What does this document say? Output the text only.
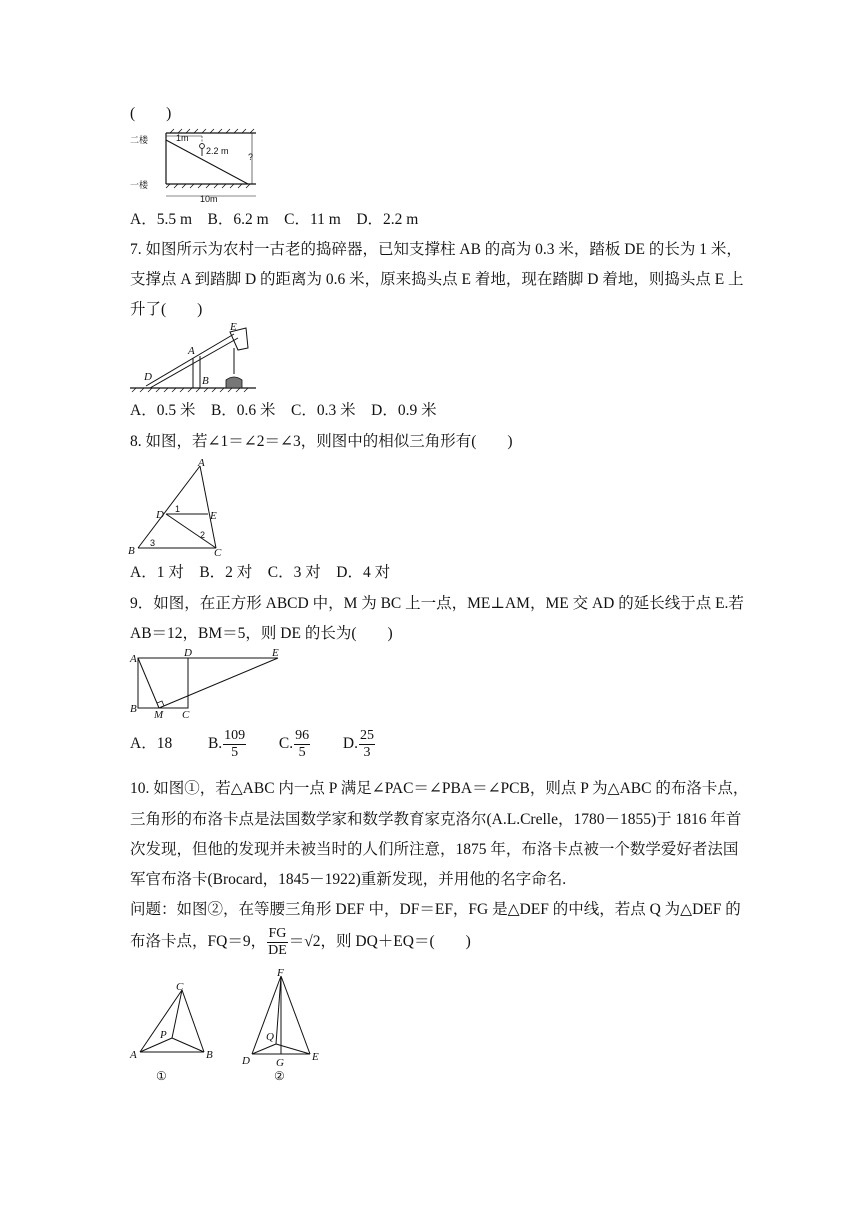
(　　)
二楼
一楼
1m
2.2 m
?
10m
A．5.5 m　B．6.2 m　C．11 m　D．2.2 m
7. 如图所示为农村一古老的捣碎器，已知支撑柱 AB 的高为 0.3 米，踏板 DE 的长为 1 米，
支撑点 A 到踏脚 D 的距离为 0.6 米，原来捣头点 E 着地，现在踏脚 D 着地，则捣头点 E 上
升了(　　)
E
A
D	B
A．0.5 米　B．0.6 米　C．0.3 米　D．0.9 米
8. 如图，若∠1＝∠2＝∠3，则图中的相似三角形有(　　)
A
D	E
B	C
1
2
3
A．1 对　B．2 对　C．3 对　D．4 对
9．如图，在正方形 ABCD 中，M 为 BC 上一点，ME⊥AM，ME 交 AD 的延长线于点 E.若
AB＝12，BM＝5，则 DE 的长为(　　)
A	D	E
B M C
A．18 B. $\frac{109}{5} C$. $\frac{96}{5} D$. $\frac{25}{3}$
10. 如图①，若△ABC 内一点 P 满足∠PAC＝∠PBA＝∠PCB，则点 P 为△ABC 的布洛卡点，
三角形的布洛卡点是法国数学家和数学教育家克洛尔(A.L.Crelle，1780－1855)于 1816 年首
次发现，但他的发现并未被当时的人们所注意，1875 年，布洛卡点被一个数学爱好者法国
军官布洛卡(Brocard，1845－1922)重新发现，并用他的名字命名.
问题：如图②，在等腰三角形 DEF 中，DF＝EF，FG 是△DEF 的中线，若点 Q 为△DEF 的
布洛卡点，FQ＝9， $\frac{FG}{DE} =√2$，则 DQ＋EQ＝(　　)
C
P
A	B
①
F
Q
D G	E
②
